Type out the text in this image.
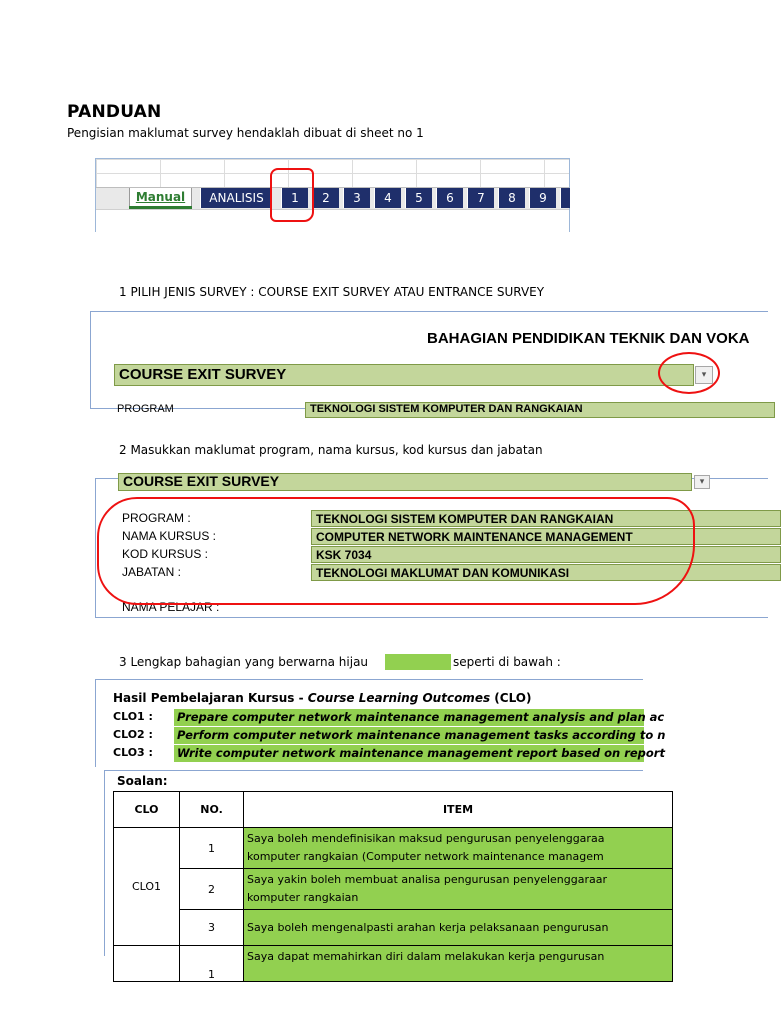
PANDUAN
Pengisian maklumat survey hendaklah dibuat di sheet no 1
Manual	ANALISIS	1	2	3	4	5	6	7	8	9
1 PILIH JENIS SURVEY : COURSE EXIT SURVEY ATAU ENTRANCE SURVEY
BAHAGIAN PENDIDIKAN TEKNIK DAN VOKA
COURSE EXIT SURVEY	▾
PROGRAM	TEKNOLOGI SISTEM KOMPUTER DAN RANGKAIAN
2 Masukkan maklumat program, nama kursus, kod kursus dan jabatan
COURSE EXIT SURVEY	▾
PROGRAM :	TEKNOLOGI SISTEM KOMPUTER DAN RANGKAIAN
NAMA KURSUS :	COMPUTER NETWORK MAINTENANCE MANAGEMENT
KOD KURSUS :	KSK 7034
JABATAN :	TEKNOLOGI MAKLUMAT DAN KOMUNIKASI
NAMA PELAJAR :
3 Lengkap bahagian yang berwarna hijau	seperti di bawah :
Hasil Pembelajaran Kursus - Course Learning Outcomes (CLO)
CLO1 : Prepare computer network maintenance management analysis and plan ac
CLO2 : Perform computer network maintenance management tasks according to n
CLO3 : Write computer network maintenance management report based on report
Soalan:
CLO	NO.	ITEM
CLO1	1	Saya boleh mendefinisikan maksud pengurusan penyelenggaraa
komputer rangkaian (Computer network maintenance managem

	2	Saya yakin boleh membuat analisa pengurusan penyelenggaraar
komputer rangkaian

	3	Saya boleh mengenalpasti arahan kerja pelaksanaan pengurusan

	1	Saya dapat memahirkan diri dalam melakukan kerja pengurusan
